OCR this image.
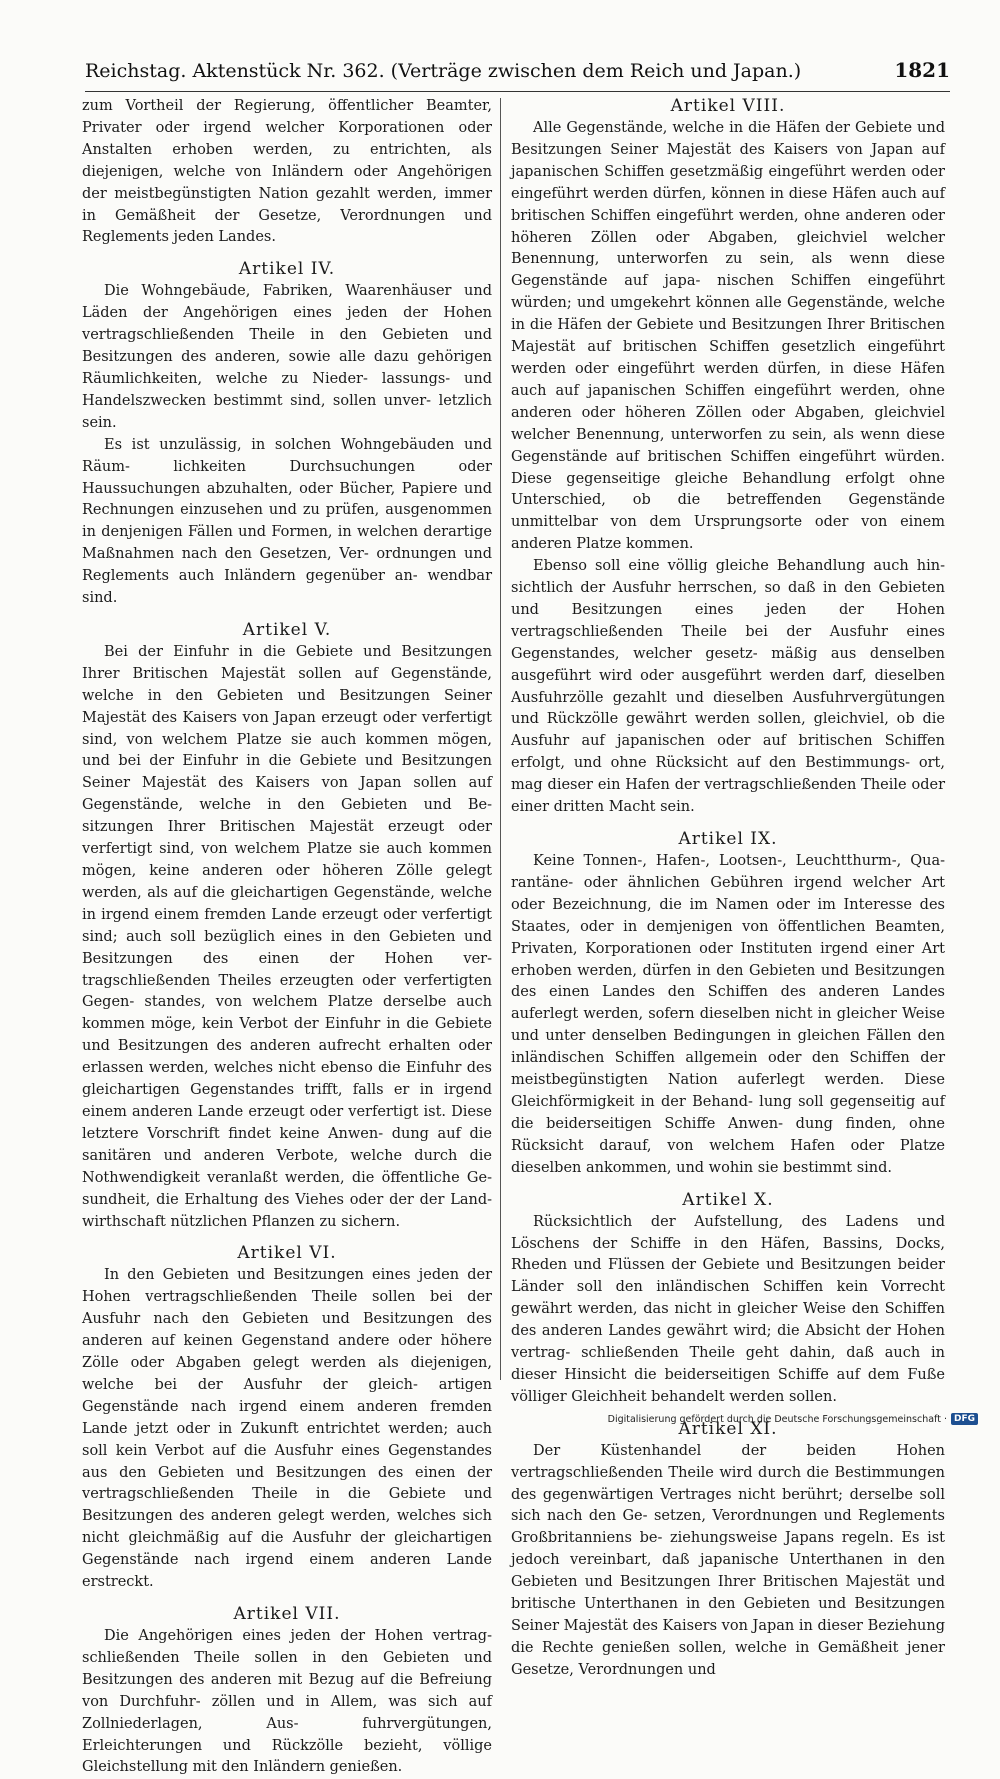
Reichstag. Aktenstück Nr. 362. (Verträge zwischen dem Reich und Japan.)	1821

zum Vortheil der Regierung, öffentlicher Beamter, Privater oder irgend welcher Korporationen oder Anstalten erhoben werden, zu entrichten, als diejenigen, welche von Inländern oder Angehörigen der meistbegünstigten Nation gezahlt werden, immer in Gemäßheit der Gesetze, Verordnungen und Reglements jeden Landes.

Artikel IV.

Die Wohngebäude, Fabriken, Waarenhäuser und Läden der Angehörigen eines jeden der Hohen vertragschließenden Theile in den Gebieten und Besitzungen des anderen, sowie alle dazu gehörigen Räumlichkeiten, welche zu Nieder- lassungs- und Handelszwecken bestimmt sind, sollen unver- letzlich sein.

Es ist unzulässig, in solchen Wohngebäuden und Räum- lichkeiten Durchsuchungen oder Haussuchungen abzuhalten, oder Bücher, Papiere und Rechnungen einzusehen und zu prüfen, ausgenommen in denjenigen Fällen und Formen, in welchen derartige Maßnahmen nach den Gesetzen, Ver- ordnungen und Reglements auch Inländern gegenüber an- wendbar sind.

Artikel V.

Bei der Einfuhr in die Gebiete und Besitzungen Ihrer Britischen Majestät sollen auf Gegenstände, welche in den Gebieten und Besitzungen Seiner Majestät des Kaisers von Japan erzeugt oder verfertigt sind, von welchem Platze sie auch kommen mögen, und bei der Einfuhr in die Gebiete und Besitzungen Seiner Majestät des Kaisers von Japan sollen auf Gegenstände, welche in den Gebieten und Be- sitzungen Ihrer Britischen Majestät erzeugt oder verfertigt sind, von welchem Platze sie auch kommen mögen, keine anderen oder höheren Zölle gelegt werden, als auf die gleichartigen Gegenstände, welche in irgend einem fremden Lande erzeugt oder verfertigt sind; auch soll bezüglich eines in den Gebieten und Besitzungen des einen der Hohen ver- tragschließenden Theiles erzeugten oder verfertigten Gegen- standes, von welchem Platze derselbe auch kommen möge, kein Verbot der Einfuhr in die Gebiete und Besitzungen des anderen aufrecht erhalten oder erlassen werden, welches nicht ebenso die Einfuhr des gleichartigen Gegenstandes trifft, falls er in irgend einem anderen Lande erzeugt oder verfertigt ist. Diese letztere Vorschrift findet keine Anwen- dung auf die sanitären und anderen Verbote, welche durch die Nothwendigkeit veranlaßt werden, die öffentliche Ge- sundheit, die Erhaltung des Viehes oder der der Land- wirthschaft nützlichen Pflanzen zu sichern.

Artikel VI.

In den Gebieten und Besitzungen eines jeden der Hohen vertragschließenden Theile sollen bei der Ausfuhr nach den Gebieten und Besitzungen des anderen auf keinen Gegenstand andere oder höhere Zölle oder Abgaben gelegt werden als diejenigen, welche bei der Ausfuhr der gleich- artigen Gegenstände nach irgend einem anderen fremden Lande jetzt oder in Zukunft entrichtet werden; auch soll kein Verbot auf die Ausfuhr eines Gegenstandes aus den Gebieten und Besitzungen des einen der vertragschließenden Theile in die Gebiete und Besitzungen des anderen gelegt werden, welches sich nicht gleichmäßig auf die Ausfuhr der gleichartigen Gegenstände nach irgend einem anderen Lande erstreckt.

Artikel VII.

Die Angehörigen eines jeden der Hohen vertrag- schließenden Theile sollen in den Gebieten und Besitzungen des anderen mit Bezug auf die Befreiung von Durchfuhr- zöllen und in Allem, was sich auf Zollniederlagen, Aus- fuhrvergütungen, Erleichterungen und Rückzölle bezieht, völlige Gleichstellung mit den Inländern genießen.

Artikel VIII.

Alle Gegenstände, welche in die Häfen der Gebiete und Besitzungen Seiner Majestät des Kaisers von Japan auf japanischen Schiffen gesetzmäßig eingeführt werden oder eingeführt werden dürfen, können in diese Häfen auch auf britischen Schiffen eingeführt werden, ohne anderen oder höheren Zöllen oder Abgaben, gleichviel welcher Benennung, unterworfen zu sein, als wenn diese Gegenstände auf japa- nischen Schiffen eingeführt würden; und umgekehrt können alle Gegenstände, welche in die Häfen der Gebiete und Besitzungen Ihrer Britischen Majestät auf britischen Schiffen gesetzlich eingeführt werden oder eingeführt werden dürfen, in diese Häfen auch auf japanischen Schiffen eingeführt werden, ohne anderen oder höheren Zöllen oder Abgaben, gleichviel welcher Benennung, unterworfen zu sein, als wenn diese Gegenstände auf britischen Schiffen eingeführt würden. Diese gegenseitige gleiche Behandlung erfolgt ohne Unterschied, ob die betreffenden Gegenstände unmittelbar von dem Ursprungsorte oder von einem anderen Platze kommen.

Ebenso soll eine völlig gleiche Behandlung auch hin- sichtlich der Ausfuhr herrschen, so daß in den Gebieten und Besitzungen eines jeden der Hohen vertragschließenden Theile bei der Ausfuhr eines Gegenstandes, welcher gesetz- mäßig aus denselben ausgeführt wird oder ausgeführt werden darf, dieselben Ausfuhrzölle gezahlt und dieselben Ausfuhrvergütungen und Rückzölle gewährt werden sollen, gleichviel, ob die Ausfuhr auf japanischen oder auf britischen Schiffen erfolgt, und ohne Rücksicht auf den Bestimmungs- ort, mag dieser ein Hafen der vertragschließenden Theile oder einer dritten Macht sein.

Artikel IX.

Keine Tonnen-, Hafen-, Lootsen-, Leuchtthurm-, Qua- rantäne- oder ähnlichen Gebühren irgend welcher Art oder Bezeichnung, die im Namen oder im Interesse des Staates, oder in demjenigen von öffentlichen Beamten, Privaten, Korporationen oder Instituten irgend einer Art erhoben werden, dürfen in den Gebieten und Besitzungen des einen Landes den Schiffen des anderen Landes auferlegt werden, sofern dieselben nicht in gleicher Weise und unter denselben Bedingungen in gleichen Fällen den inländischen Schiffen allgemein oder den Schiffen der meistbegünstigten Nation auferlegt werden. Diese Gleichförmigkeit in der Behand- lung soll gegenseitig auf die beiderseitigen Schiffe Anwen- dung finden, ohne Rücksicht darauf, von welchem Hafen oder Platze dieselben ankommen, und wohin sie bestimmt sind.

Artikel X.

Rücksichtlich der Aufstellung, des Ladens und Löschens der Schiffe in den Häfen, Bassins, Docks, Rheden und Flüssen der Gebiete und Besitzungen beider Länder soll den inländischen Schiffen kein Vorrecht gewährt werden, das nicht in gleicher Weise den Schiffen des anderen Landes gewährt wird; die Absicht der Hohen vertrag- schließenden Theile geht dahin, daß auch in dieser Hinsicht die beiderseitigen Schiffe auf dem Fuße völliger Gleichheit behandelt werden sollen.

Artikel XI.

Der Küstenhandel der beiden Hohen vertragschließenden Theile wird durch die Bestimmungen des gegenwärtigen Vertrages nicht berührt; derselbe soll sich nach den Ge- setzen, Verordnungen und Reglements Großbritanniens be- ziehungsweise Japans regeln. Es ist jedoch vereinbart, daß japanische Unterthanen in den Gebieten und Besitzungen Ihrer Britischen Majestät und britische Unterthanen in den Gebieten und Besitzungen Seiner Majestät des Kaisers von Japan in dieser Beziehung die Rechte genießen sollen, welche in Gemäßheit jener Gesetze, Verordnungen und

Digitalisierung gefördert durch die Deutsche Forschungsgemeinschaft · DFG
